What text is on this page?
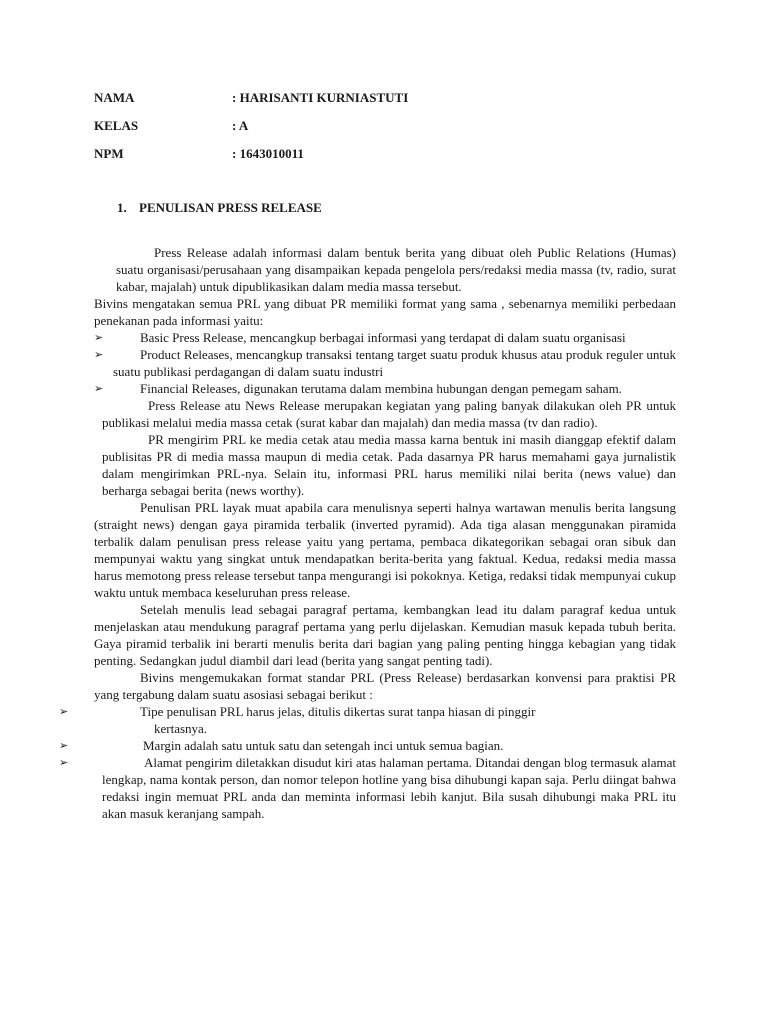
NAMA	: HARISANTI KURNIASTUTI
KELAS	: A
NPM	: 1643010011
1. PENULISAN PRESS RELEASE

Press Release adalah informasi dalam bentuk berita yang dibuat oleh Public Relations (Humas) suatu organisasi/perusahaan yang disampaikan kepada pengelola pers/redaksi media massa (tv, radio, surat kabar, majalah) untuk dipublikasikan dalam media massa tersebut.

Bivins mengatakan semua PRL yang dibuat PR memiliki format yang sama , sebenarnya memiliki perbedaan penekanan pada informasi yaitu:

➢	Basic Press Release, mencangkup berbagai informasi yang terdapat di dalam suatu organisasi
➢	Product Releases, mencangkup transaksi tentang target suatu produk khusus atau produk reguler untuk suatu publikasi perdagangan di dalam suatu industri
➢	Financial Releases, digunakan terutama dalam membina hubungan dengan pemegam saham.

Press Release atu News Release merupakan kegiatan yang paling banyak dilakukan oleh PR untuk publikasi melalui media massa cetak (surat kabar dan majalah) dan media massa (tv dan radio).

PR mengirim PRL ke media cetak atau media massa karna bentuk ini masih dianggap efektif dalam publisitas PR di media massa maupun di media cetak. Pada dasarnya PR harus memahami gaya jurnalistik dalam mengirimkan PRL-nya. Selain itu, informasi PRL harus memiliki nilai berita (news value) dan berharga sebagai berita (news worthy).

Penulisan PRL layak muat apabila cara menulisnya seperti halnya wartawan menulis berita langsung (straight news) dengan gaya piramida terbalik (inverted pyramid). Ada tiga alasan menggunakan piramida terbalik dalam penulisan press release yaitu yang pertama, pembaca dikategorikan sebagai oran sibuk dan mempunyai waktu yang singkat untuk mendapatkan berita-berita yang faktual. Kedua, redaksi media massa harus memotong press release tersebut tanpa mengurangi isi pokoknya. Ketiga, redaksi tidak mempunyai cukup waktu untuk membaca keseluruhan press release.

Setelah menulis lead sebagai paragraf pertama, kembangkan lead itu dalam paragraf kedua untuk menjelaskan atau mendukung paragraf pertama yang perlu dijelaskan. Kemudian masuk kepada tubuh berita. Gaya piramid terbalik ini berarti menulis berita dari bagian yang paling penting hingga kebagian yang tidak penting. Sedangkan judul diambil dari lead (berita yang sangat penting tadi).

Bivins mengemukakan format standar PRL (Press Release) berdasarkan konvensi para praktisi PR yang tergabung dalam suatu asosiasi sebagai berikut :

➢	Tipe penulisan PRL harus jelas, ditulis dikertas surat tanpa hiasan di pinggir
kertasnya.
➢	Margin adalah satu untuk satu dan setengah inci untuk semua bagian.
➢	Alamat pengirim diletakkan disudut kiri atas halaman pertama. Ditandai dengan blog termasuk alamat lengkap, nama kontak person, dan nomor telepon hotline yang bisa dihubungi kapan saja. Perlu diingat bahwa redaksi ingin memuat PRL anda dan meminta informasi lebih kanjut. Bila susah dihubungi maka PRL itu akan masuk keranjang sampah.
